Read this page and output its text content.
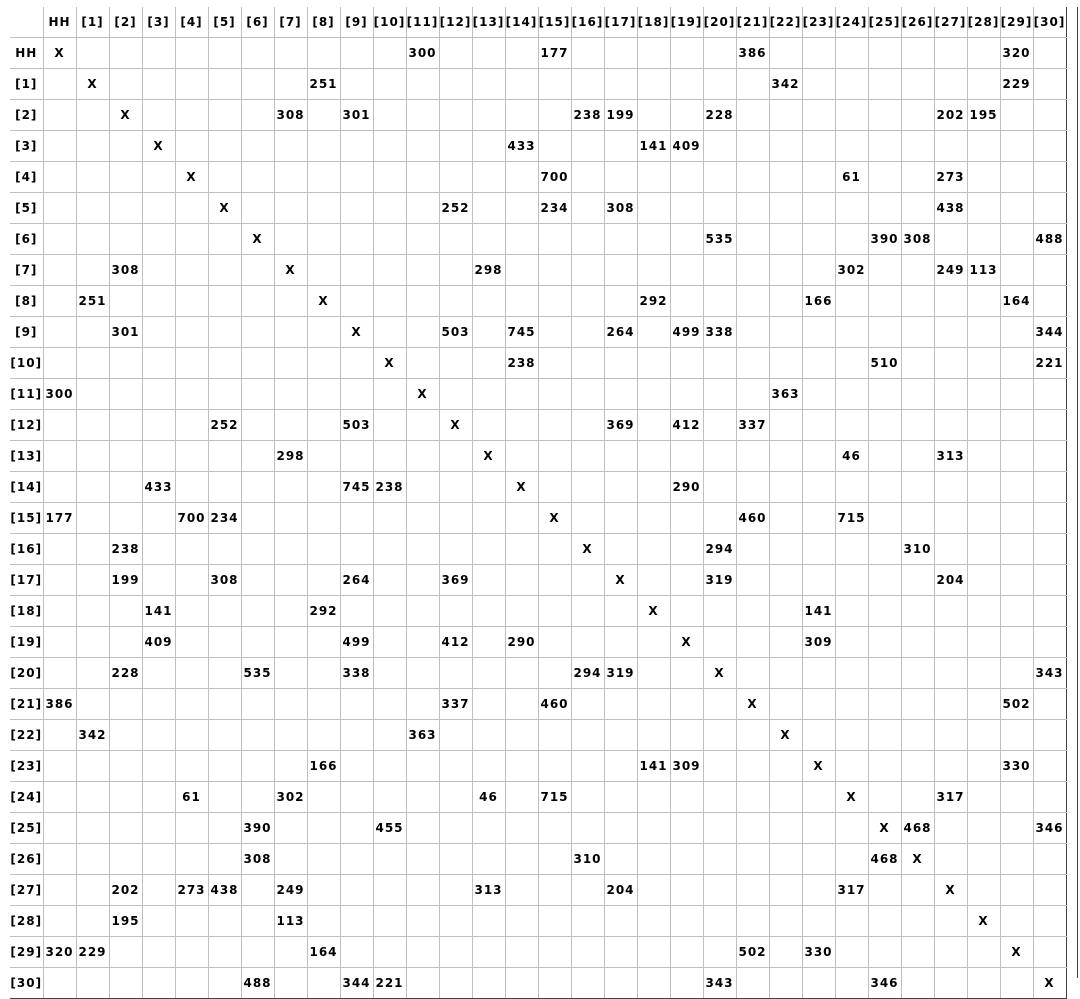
	HH	[1]	[2]	[3]	[4]	[5]	[6]	[7]	[8]	[9]	[10]	[11]	[12]	[13]	[14]	[15]	[16]	[17]	[18]	[19]	[20]	[21]	[22]	[23]	[24]	[25]	[26]	[27]	[28]	[29]	[30]
HH	X											300				177						386								320	
[1]		X							251														342							229	
[2]			X					308		301							238	199			228							202	195		
[3]				X											433				141	409											
[4]					X											700									61			273			
[5]						X							252			234		308										438			
[6]							X														535					390	308				488
[7]			308					X						298											302			249	113		
[8]		251							X										292					166						164	
[9]			301							X			503		745			264		499	338										344
[10]											X				238											510					221
[11]	300											X											363								
[12]						252				503			X					369		412		337									
[13]								298						X											46			313			
[14]				433						745	238				X					290											
[15]	177				700	234										X						460			715						
[16]			238														X				294						310				
[17]			199			308				264			369					X			319							204			
[18]				141					292										X					141							
[19]				409						499			412		290					X				309							
[20]			228				535			338							294	319			X										343
[21]	386												337			460						X								502	
[22]		342										363											X								
[23]									166										141	309				X						330	
[24]					61			302						46		715									X			317			
[25]							390				455															X	468				346
[26]							308										310									468	X				
[27]			202		273	438		249						313				204							317			X			
[28]			195					113																					X		
[29]	320	229							164													502		330						X	
[30]							488			344	221										343					346					X
